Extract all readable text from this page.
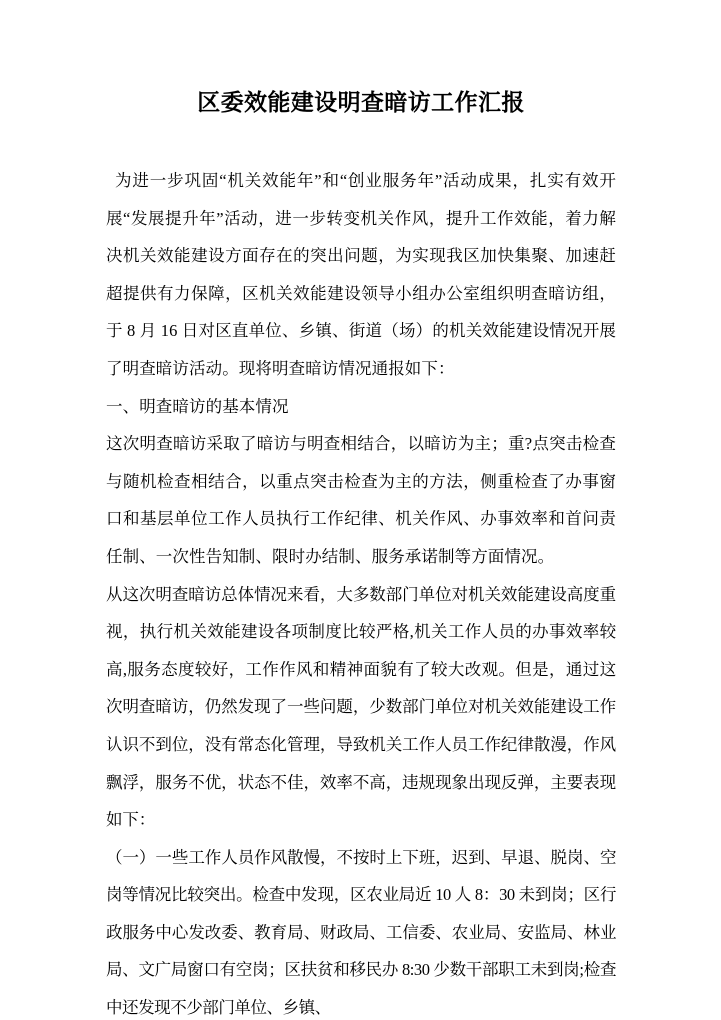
区委效能建设明查暗访工作汇报

为进一步巩固“机关效能年”和“创业服务年”活动成果，扎实有效开展“发展提升年”活动，进一步转变机关作风，提升工作效能，着力解决机关效能建设方面存在的突出问题，为实现我区加快集聚、加速赶超提供有力保障，区机关效能建设领导小组办公室组织明查暗访组，于 8 月 16 日对区直单位、乡镇、街道（场）的机关效能建设情况开展了明查暗访活动。现将明查暗访情况通报如下：

一、明查暗访的基本情况

这次明查暗访采取了暗访与明查相结合，以暗访为主；重?点突击检查与随机检查相结合，以重点突击检查为主的方法，侧重检查了办事窗口和基层单位工作人员执行工作纪律、机关作风、办事效率和首问责任制、一次性告知制、限时办结制、服务承诺制等方面情况。

从这次明查暗访总体情况来看，大多数部门单位对机关效能建设高度重视，执行机关效能建设各项制度比较严格,机关工作人员的办事效率较高,服务态度较好，工作作风和精神面貌有了较大改观。但是，通过这次明查暗访，仍然发现了一些问题，少数部门单位对机关效能建设工作认识不到位，没有常态化管理，导致机关工作人员工作纪律散漫，作风飘浮，服务不优，状态不佳，效率不高，违规现象出现反弹，主要表现如下：

（一）一些工作人员作风散慢，不按时上下班，迟到、早退、脱岗、空岗等情况比较突出。检查中发现，区农业局近 10 人 8：30 未到岗；区行政服务中心发改委、教育局、财政局、工信委、农业局、安监局、林业局、文广局窗口有空岗；区扶贫和移民办 8:30 少数干部职工未到岗;检查中还发现不少部门单位、乡镇、
